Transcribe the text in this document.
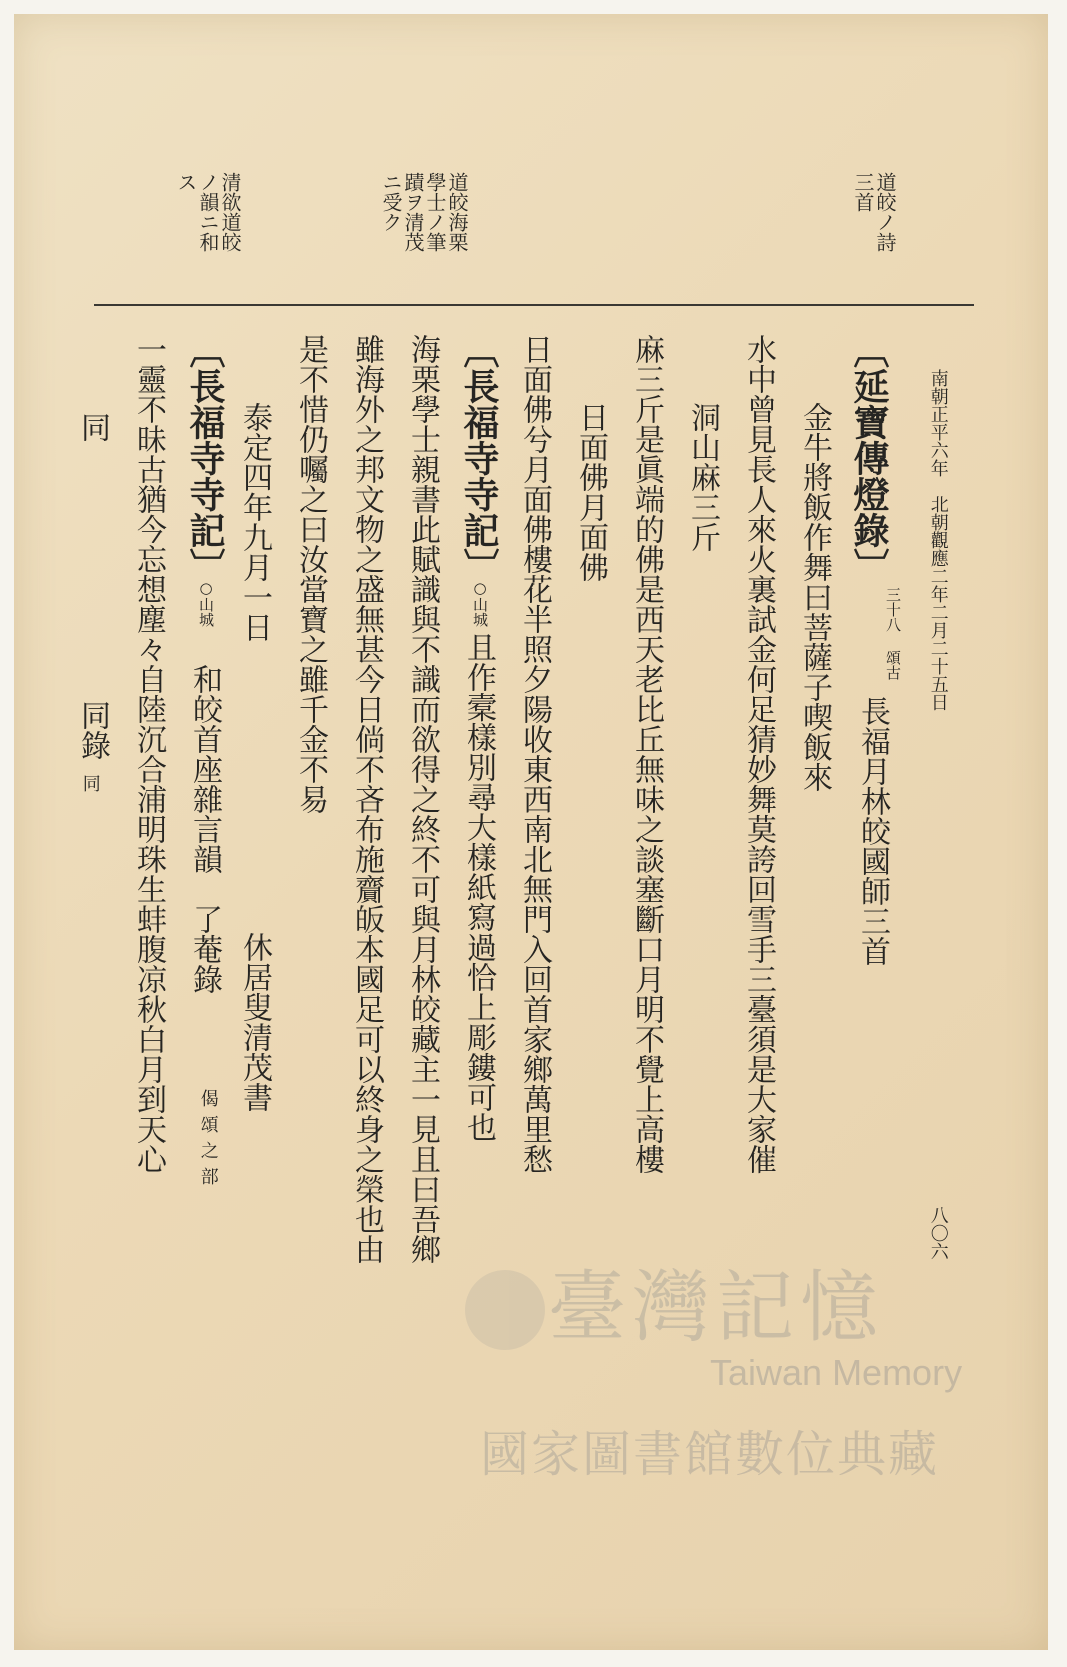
南朝正平六年　北朝觀應二年二月二十五日
八〇六
道皎ノ詩
三首
道皎海栗
學士ノ筆
蹟ヲ清茂
ニ受ク
清欲道皎
ノ韻ニ和
ス
〔延寶傳燈錄〕
三十八 頌古
長福月林皎國師三首
金牛將飯作舞曰菩薩子喫飯來
水中曾見長人來火裏試金何足猜妙舞莫誇回雪手三臺須是大家催
洞山麻三斤
麻三斤是眞端的佛是西天老比丘無味之談塞斷口月明不覺上高樓
日面佛月面佛
日面佛兮月面佛樓花半照夕陽收東西南北無門入回首家鄉萬里愁
〔長福寺寺記〕
○山城
且作槖樣別尋大樣紙寫過恰上彫鏤可也
海栗學士親書此賦識與不識而欲得之終不可與月林皎藏主一見且曰吾鄉
雖海外之邦文物之盛無甚今日倘不吝布施齎皈本國足可以終身之榮也由
是不惜仍囑之曰汝當寶之雖千金不易
泰定四年九月一日
休居叟清茂書
〔長福寺寺記〕
○山城
和皎首座雜言韻　了菴錄
偈頌之部
一靈不昧古猶今忘想塵々自陸沉合浦明珠生蚌腹凉秋白月到天心
同
同錄
同
臺灣記憶
Taiwan Memory
國家圖書館數位典藏
